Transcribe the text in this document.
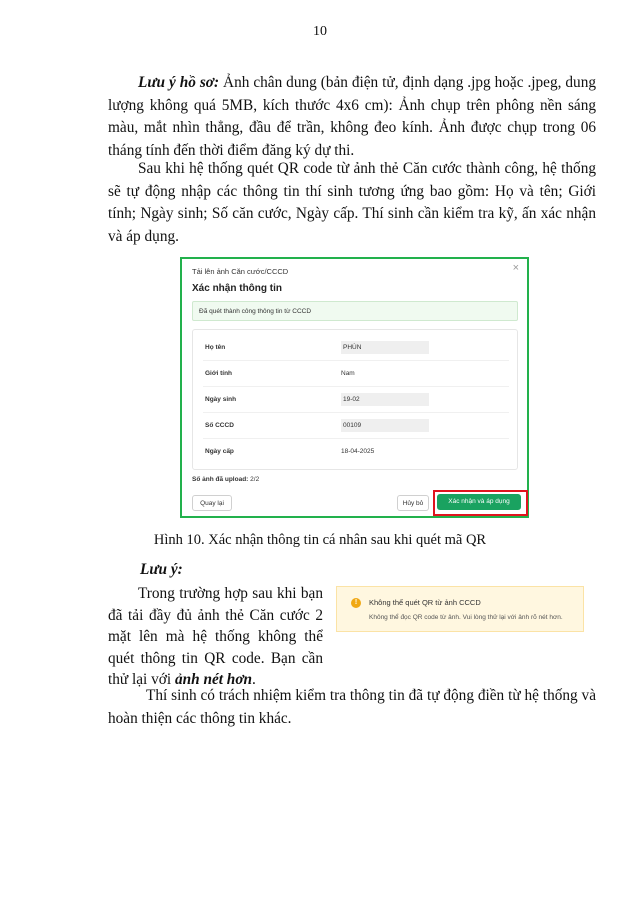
10

Lưu ý hồ sơ: Ảnh chân dung (bản điện tử, định dạng .jpg hoặc .jpeg, dung lượng không quá 5MB, kích thước 4x6 cm): Ảnh chụp trên phông nền sáng màu, mắt nhìn thẳng, đầu để trần, không đeo kính. Ảnh được chụp trong 06 tháng tính đến thời điểm đăng ký dự thi.

Sau khi hệ thống quét QR code từ ảnh thẻ Căn cước thành công, hệ thống sẽ tự động nhập các thông tin thí sinh tương ứng bao gồm: Họ và tên; Giới tính; Ngày sinh; Số căn cước, Ngày cấp. Thí sinh cần kiểm tra kỹ, ấn xác nhận và áp dụng.

Tải lên ảnh Căn cước/CCCD	×
Xác nhận thông tin
Đã quét thành công thông tin từ CCCD
Họ tên	PHÙN
Giới tính	Nam
Ngày sinh	19-02
Số CCCD	00109
Ngày cấp	18-04-2025
Số ảnh đã upload: 2/2
Quay lại	Hủy bỏ	Xác nhận và áp dụng
Hình 10. Xác nhận thông tin cá nhân sau khi quét mã QR
Lưu ý:

Trong trường hợp sau khi bạn đã tải đầy đủ ảnh thẻ Căn cước 2 mặt lên mà hệ thống không thể quét thông tin QR code. Bạn cần thử lại với ảnh nét hơn.

!	Không thể quét QR từ ảnh CCCD
Không thể đọc QR code từ ảnh. Vui lòng thử lại với ảnh rõ nét hơn.

Thí sinh có trách nhiệm kiểm tra thông tin đã tự động điền từ hệ thống và hoàn thiện các thông tin khác.
